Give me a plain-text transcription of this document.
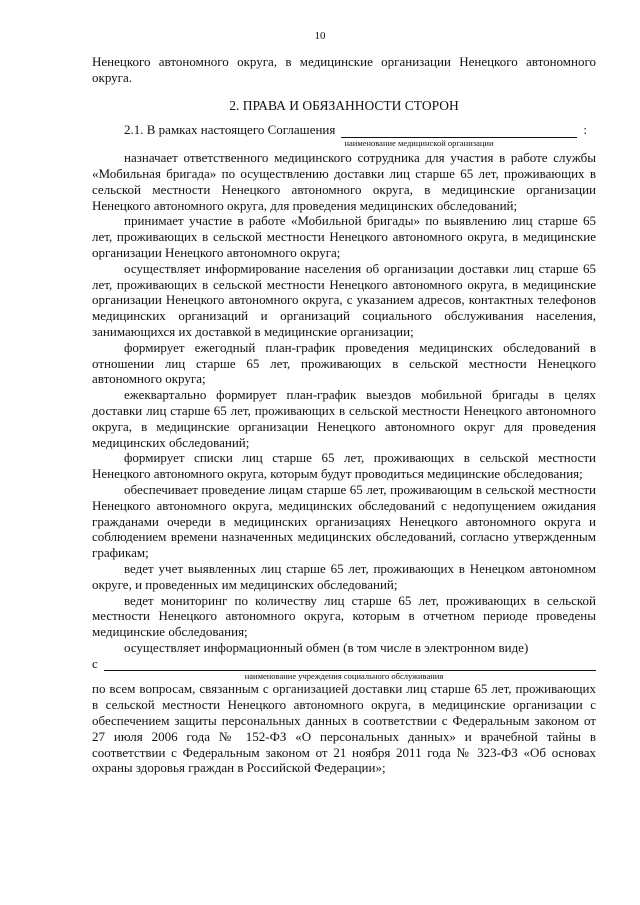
10

Ненецкого автономного округа, в медицинские организации Ненецкого автономного округа.

2. ПРАВА И ОБЯЗАННОСТИ СТОРОН
2.1. В рамках настоящего Соглашения	:
наименование медицинской организации

назначает ответственного медицинского сотрудника для участия в работе службы «Мобильная бригада» по осуществлению доставки лиц старше 65 лет, проживающих в сельской местности Ненецкого автономного округа, в медицинские организации Ненецкого автономного округа, для проведения медицинских обследований;

принимает участие в работе «Мобильной бригады» по выявлению лиц старше 65 лет, проживающих в сельской местности Ненецкого автономного округа, в медицинские организации Ненецкого автономного округа;

осуществляет информирование населения об организации доставки лиц старше 65 лет, проживающих в сельской местности Ненецкого автономного округа, в медицинские организации Ненецкого автономного округа, с указанием адресов, контактных телефонов медицинских организаций и организаций социального обслуживания населения, занимающихся их доставкой в медицинские организации;

формирует ежегодный план-график проведения медицинских обследований в отношении лиц старше 65 лет, проживающих в сельской местности Ненецкого автономного округа;

ежеквартально формирует план-график выездов мобильной бригады в целях доставки лиц старше 65 лет, проживающих в сельской местности Ненецкого автономного округа, в медицинские организации Ненецкого автономного округ для проведения медицинских обследований;

формирует списки лиц старше 65 лет, проживающих в сельской местности Ненецкого автономного округа, которым будут проводиться медицинские обследования;

обеспечивает проведение лицам старше 65 лет, проживающим в сельской местности Ненецкого автономного округа, медицинских обследований с недопущением ожидания гражданами очереди в медицинских организациях Ненецкого автономного округа и соблюдением времени назначенных медицинских обследований, согласно утвержденным графикам;

ведет учет выявленных лиц старше 65 лет, проживающих в Ненецком автономном округе, и проведенных им медицинских обследований;

ведет мониторинг по количеству лиц старше 65 лет, проживающих в сельской местности Ненецкого автономного округа, которым в отчетном периоде проведены медицинские обследования;

осуществляет информационный обмен (в том числе в электронном виде)

с
наименование учреждения социального обслуживания

по всем вопросам, связанным с организацией доставки лиц старше 65 лет, проживающих в сельской местности Ненецкого автономного округа, в медицинские организации с обеспечением защиты персональных данных в соответствии с Федеральным законом от 27 июля 2006 года № 152-ФЗ «О персональных данных» и врачебной тайны в соответствии с Федеральным законом от 21 ноября 2011 года № 323-ФЗ «Об основах охраны здоровья граждан в Российской Федерации»;
